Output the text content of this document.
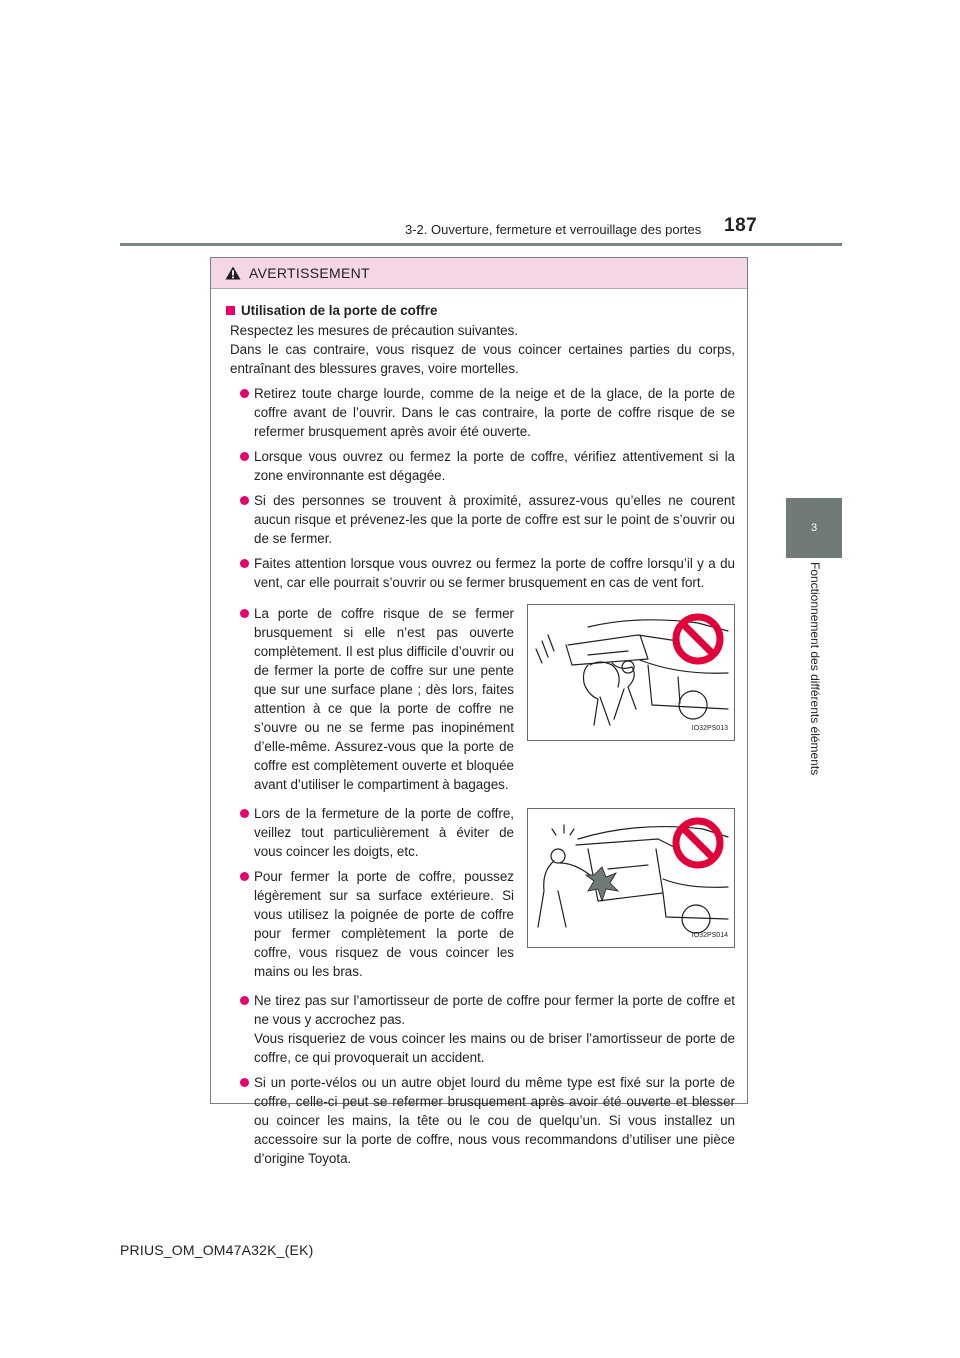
3-2. Ouverture, fermeture et verrouillage des portes 187
3
Fonctionnement des différents éléments
AVERTISSEMENT
Utilisation de la porte de coffre
Respectez les mesures de précaution suivantes.
Dans le cas contraire, vous risquez de vous coincer certaines parties du corps, entraînant des blessures graves, voire mortelles.
Retirez toute charge lourde, comme de la neige et de la glace, de la porte de coffre avant de l’ouvrir. Dans le cas contraire, la porte de coffre risque de se refermer brusquement après avoir été ouverte.
Lorsque vous ouvrez ou fermez la porte de coffre, vérifiez attentivement si la zone environnante est dégagée.
Si des personnes se trouvent à proximité, assurez-vous qu’elles ne courent aucun risque et prévenez-les que la porte de coffre est sur le point de s’ouvrir ou de se fermer.
Faites attention lorsque vous ouvrez ou fermez la porte de coffre lorsqu’il y a du vent, car elle pourrait s’ouvrir ou se fermer brusquement en cas de vent fort.
La porte de coffre risque de se fermer brusquement si elle n’est pas ouverte complètement. Il est plus difficile d’ouvrir ou de fermer la porte de coffre sur une pente que sur une surface plane ; dès lors, faites attention à ce que la porte de coffre ne s’ouvre ou ne se ferme pas inopinément d’elle-même. Assurez-vous que la porte de coffre est complètement ouverte et bloquée avant d’utiliser le compartiment à bagages.
IO32PS013
Lors de la fermeture de la porte de coffre, veillez tout particulièrement à éviter de vous coincer les doigts, etc.
Pour fermer la porte de coffre, poussez légèrement sur sa surface extérieure. Si vous utilisez la poignée de porte de coffre pour fermer complètement la porte de coffre, vous risquez de vous coincer les mains ou les bras.
IO32PS014
Ne tirez pas sur l’amortisseur de porte de coffre pour fermer la porte de coffre et ne vous y accrochez pas.
Vous risqueriez de vous coincer les mains ou de briser l’amortisseur de porte de coffre, ce qui provoquerait un accident.
Si un porte-vélos ou un autre objet lourd du même type est fixé sur la porte de coffre, celle-ci peut se refermer brusquement après avoir été ouverte et blesser ou coincer les mains, la tête ou le cou de quelqu’un. Si vous installez un accessoire sur la porte de coffre, nous vous recommandons d’utiliser une pièce d’origine Toyota.
PRIUS_OM_OM47A32K_(EK)
